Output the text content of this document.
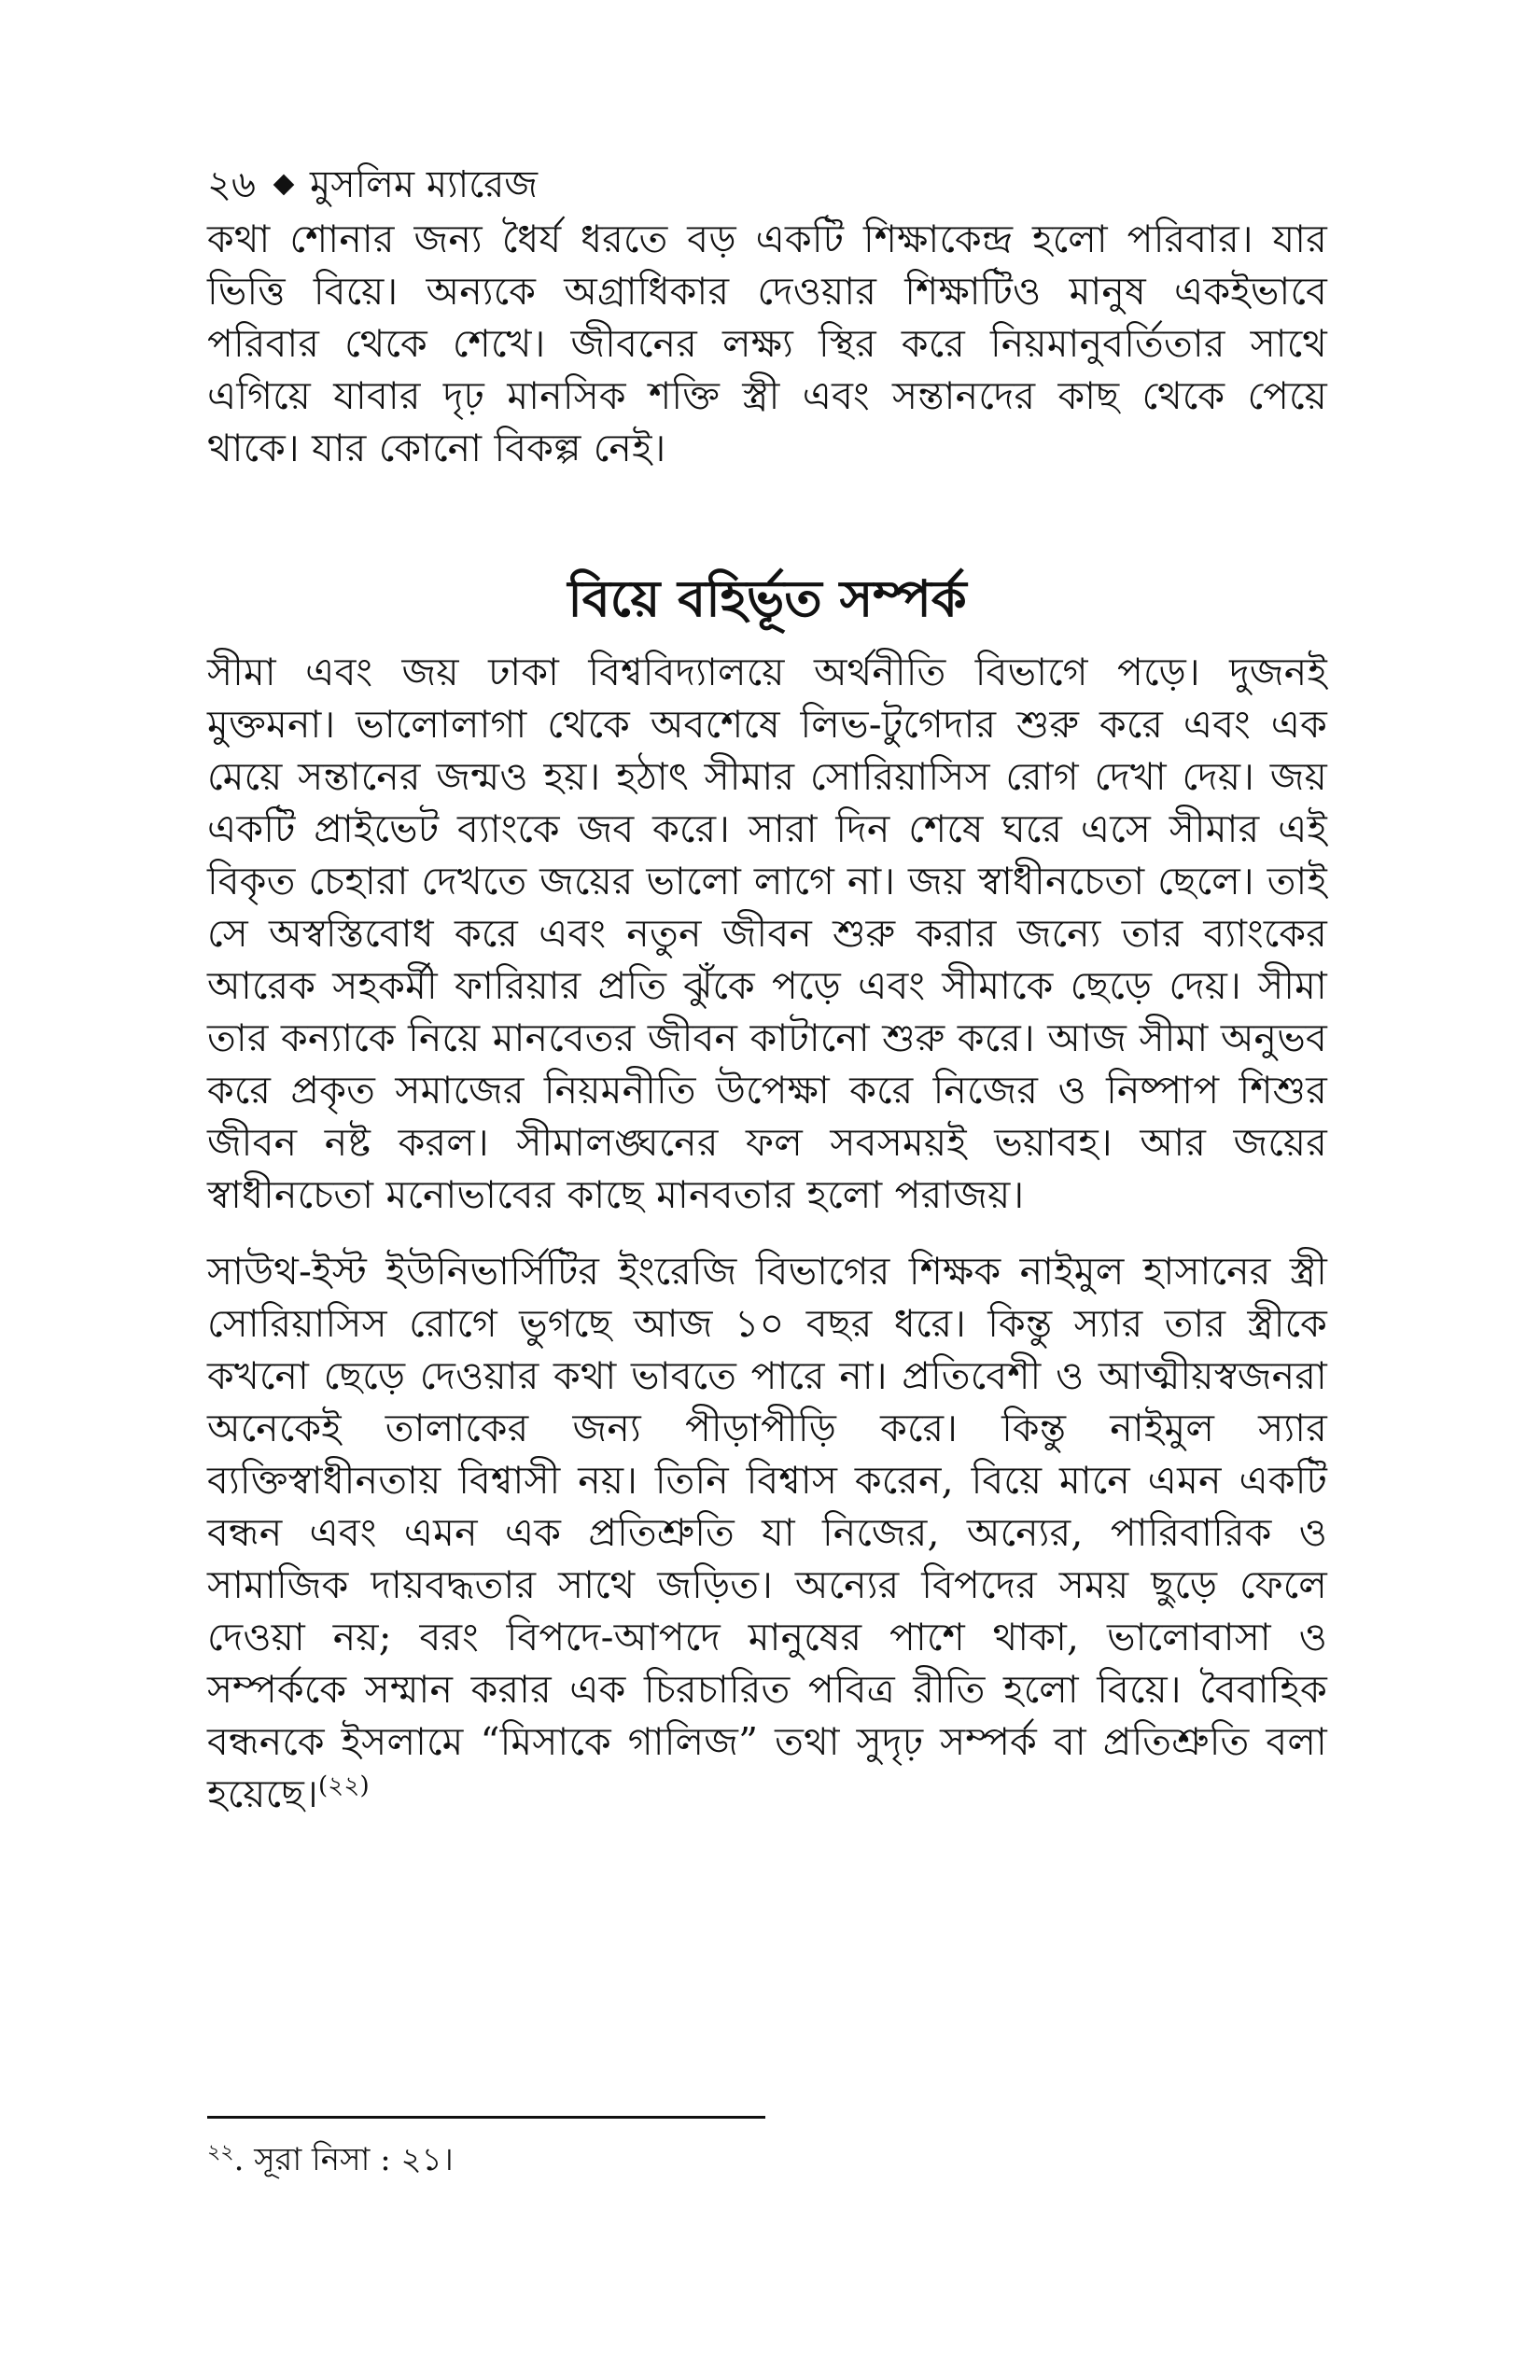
২৬ মুসলিম ম্যারেজ

কথা শোনার জন্য ধৈর্য ধরতে বড় একটি শিক্ষাকেন্দ্র হলো পরিবার। যার ভিত্তি বিয়ে। অন্যকে অগ্রাধিকার দেওয়ার শিক্ষাটিও মানুষ একইভাবে পরিবার থেকে শেখে। জীবনের লক্ষ্য স্থির করে নিয়মানুবর্তিতার সাথে এগিয়ে যাবার দৃঢ় মানসিক শক্তি স্ত্রী এবং সন্তানদের কাছ থেকে পেয়ে থাকে। যার কোনো বিকল্প নেই।

বিয়ে বহির্ভূত সম্পর্ক

সীমা এবং জয় ঢাকা বিশ্ববিদ্যালয়ে অর্থনীতি বিভাগে পড়ে। দুজনই মুক্তমনা। ভালোলাগা থেকে অবশেষে লিভ-টুগেদার শুরু করে এবং এক মেয়ে সন্তানের জন্মও হয়। হঠাৎ সীমার সোরিয়াসিস রোগ দেখা দেয়। জয় একটি প্রাইভেট ব্যাংকে জব করে। সারা দিন শেষে ঘরে এসে সীমার এই বিকৃত চেহারা দেখতে জয়ের ভালো লাগে না। জয় স্বাধীনচেতা ছেলে। তাই সে অস্বস্তিবোধ করে এবং নতুন জীবন শুরু করার জন্যে তার ব্যাংকের আরেক সহকর্মী ফারিয়ার প্রতি ঝুঁকে পড়ে এবং সীমাকে ছেড়ে দেয়। সীমা তার কন্যাকে নিয়ে মানবেতর জীবন কাটানো শুরু করে। আজ সীমা অনুভব করে প্রকৃত সমাজের নিয়মনীতি উপেক্ষা করে নিজের ও নিষ্পাপ শিশুর জীবন নষ্ট করল। সীমালঙ্ঘনের ফল সবসময়ই ভয়াবহ। আর জয়ের স্বাধীনচেতা মনোভাবের কাছে মানবতার হলো পরাজয়।

সাউথ-ইস্ট ইউনিভার্সিটির ইংরেজি বিভাগের শিক্ষক নাইমুল হাসানের স্ত্রী সোরিয়াসিস রোগে ভুগছে আজ ১০ বছর ধরে। কিন্তু স্যার তার স্ত্রীকে কখনো ছেড়ে দেওয়ার কথা ভাবতে পারে না। প্রতিবেশী ও আত্মীয়স্বজনরা অনেকেই তালাকের জন্য পীড়াপীড়ি করে। কিন্তু নাইমুল স্যার ব্যক্তিস্বাধীনতায় বিশ্বাসী নয়। তিনি বিশ্বাস করেন, বিয়ে মানে এমন একটি বন্ধন এবং এমন এক প্রতিশ্রুতি যা নিজের, অন্যের, পারিবারিক ও সামাজিক দায়বদ্ধতার সাথে জড়িত। অন্যের বিপদের সময় ছুড়ে ফেলে দেওয়া নয়; বরং বিপদে-আপদে মানুষের পাশে থাকা, ভালোবাসা ও সম্পর্ককে সম্মান করার এক চিরচারিত পবিত্র রীতি হলো বিয়ে। বৈবাহিক বন্ধনকে ইসলামে “মিসাকে গালিজ” তথা সুদৃঢ় সম্পর্ক বা প্রতিশ্রুতি বলা হয়েছে।$^{(২২)}$

$^{২২}$. সূরা নিসা : ২১।
